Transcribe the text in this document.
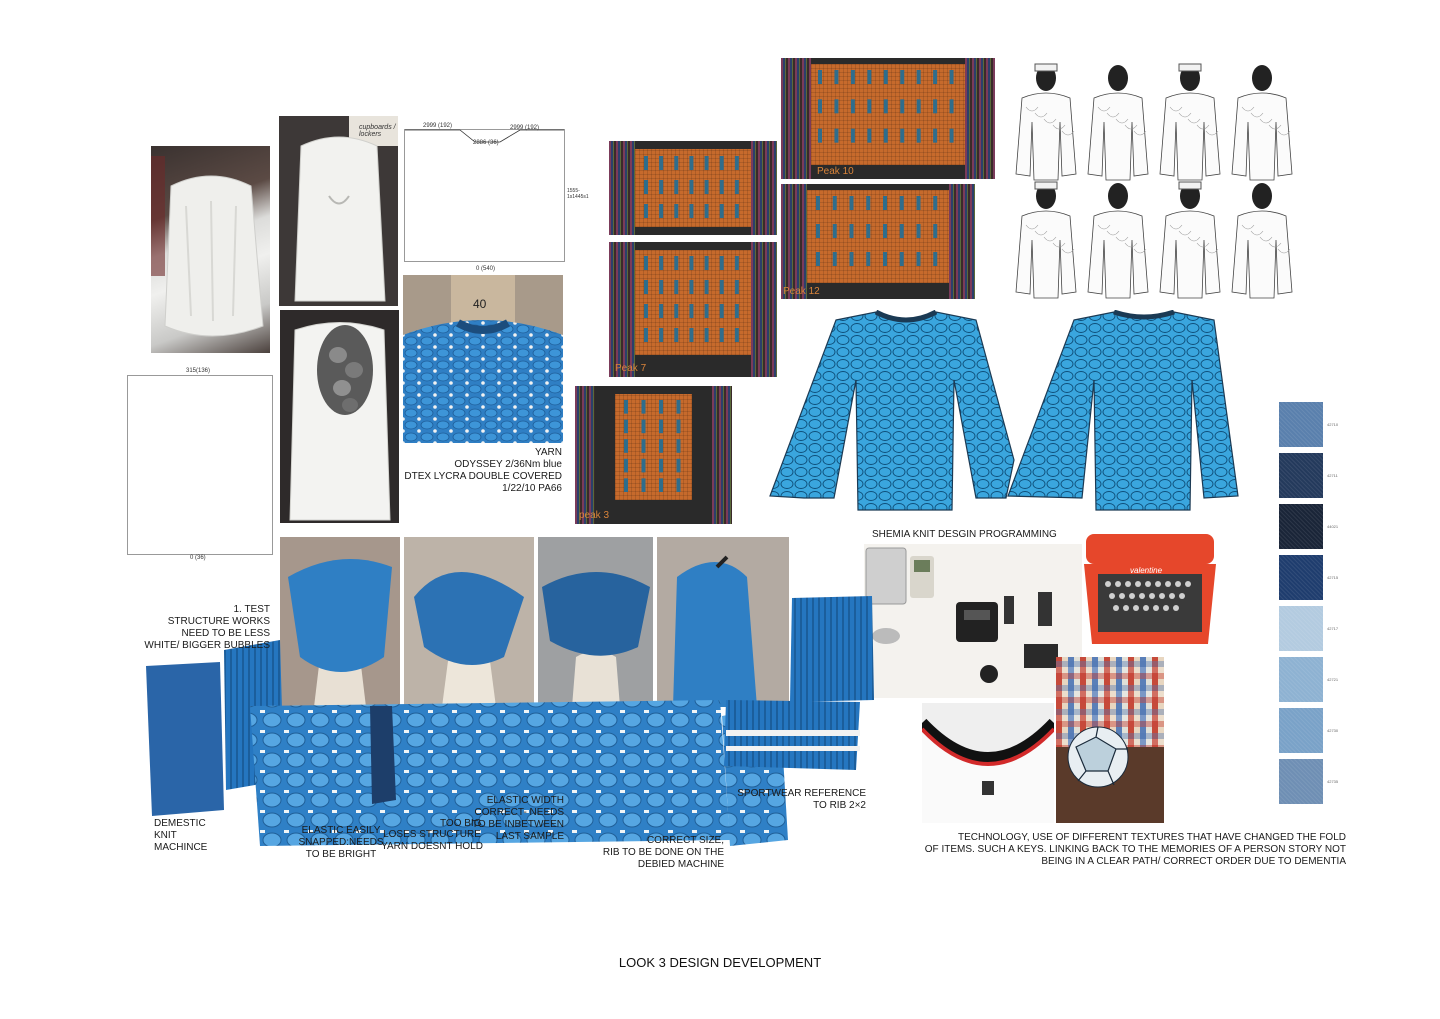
cupboards / lockers
2999 (192)	2999 (192)
2886 (36)
1555-1s1445s1
0 (540)
315(136)
0 (36)
40
YARN
ODYSSEY 2/36Nm blue
DTEX LYCRA DOUBLE COVERED
1/22/10 PA66
Peak 7
peak 3
Peak 10
Peak 12
SHEMIA KNIT DESGIN PROGRAMMING
valentine
TECHNOLOGY, USE OF DIFFERENT TEXTURES THAT HAVE CHANGED THE FOLD
OF ITEMS. SUCH A KEYS. LINKING BACK TO THE MEMORIES OF A PERSON STORY NOT
BEING IN A CLEAR PATH/ CORRECT ORDER DUE TO DEMENTIA
42710
42711
44021
42715
42717
42721
42730
42735
1. TEST
STRUCTURE WORKS
NEED TO BE LESS
WHITE/ BIGGER BUBBLES
DEMESTIC
KNIT
MACHINCE
ELASTIC EASILY
SNAPPED:NEEDS
TO BE BRIGHT
LOSES STRUCTURE
YARN DOESNT HOLD
TOO BIG
ELASTIC WIDTH
CORRECT- NEEDS
TO BE INBETWEEN
LAST SAMPLE	CORRECT SIZE,
RIB TO BE DONE ON THE
DEBIED MACHINE
SPORTWEAR REFERENCE
TO RIB 2×2
LOOK 3 DESIGN DEVELOPMENT
